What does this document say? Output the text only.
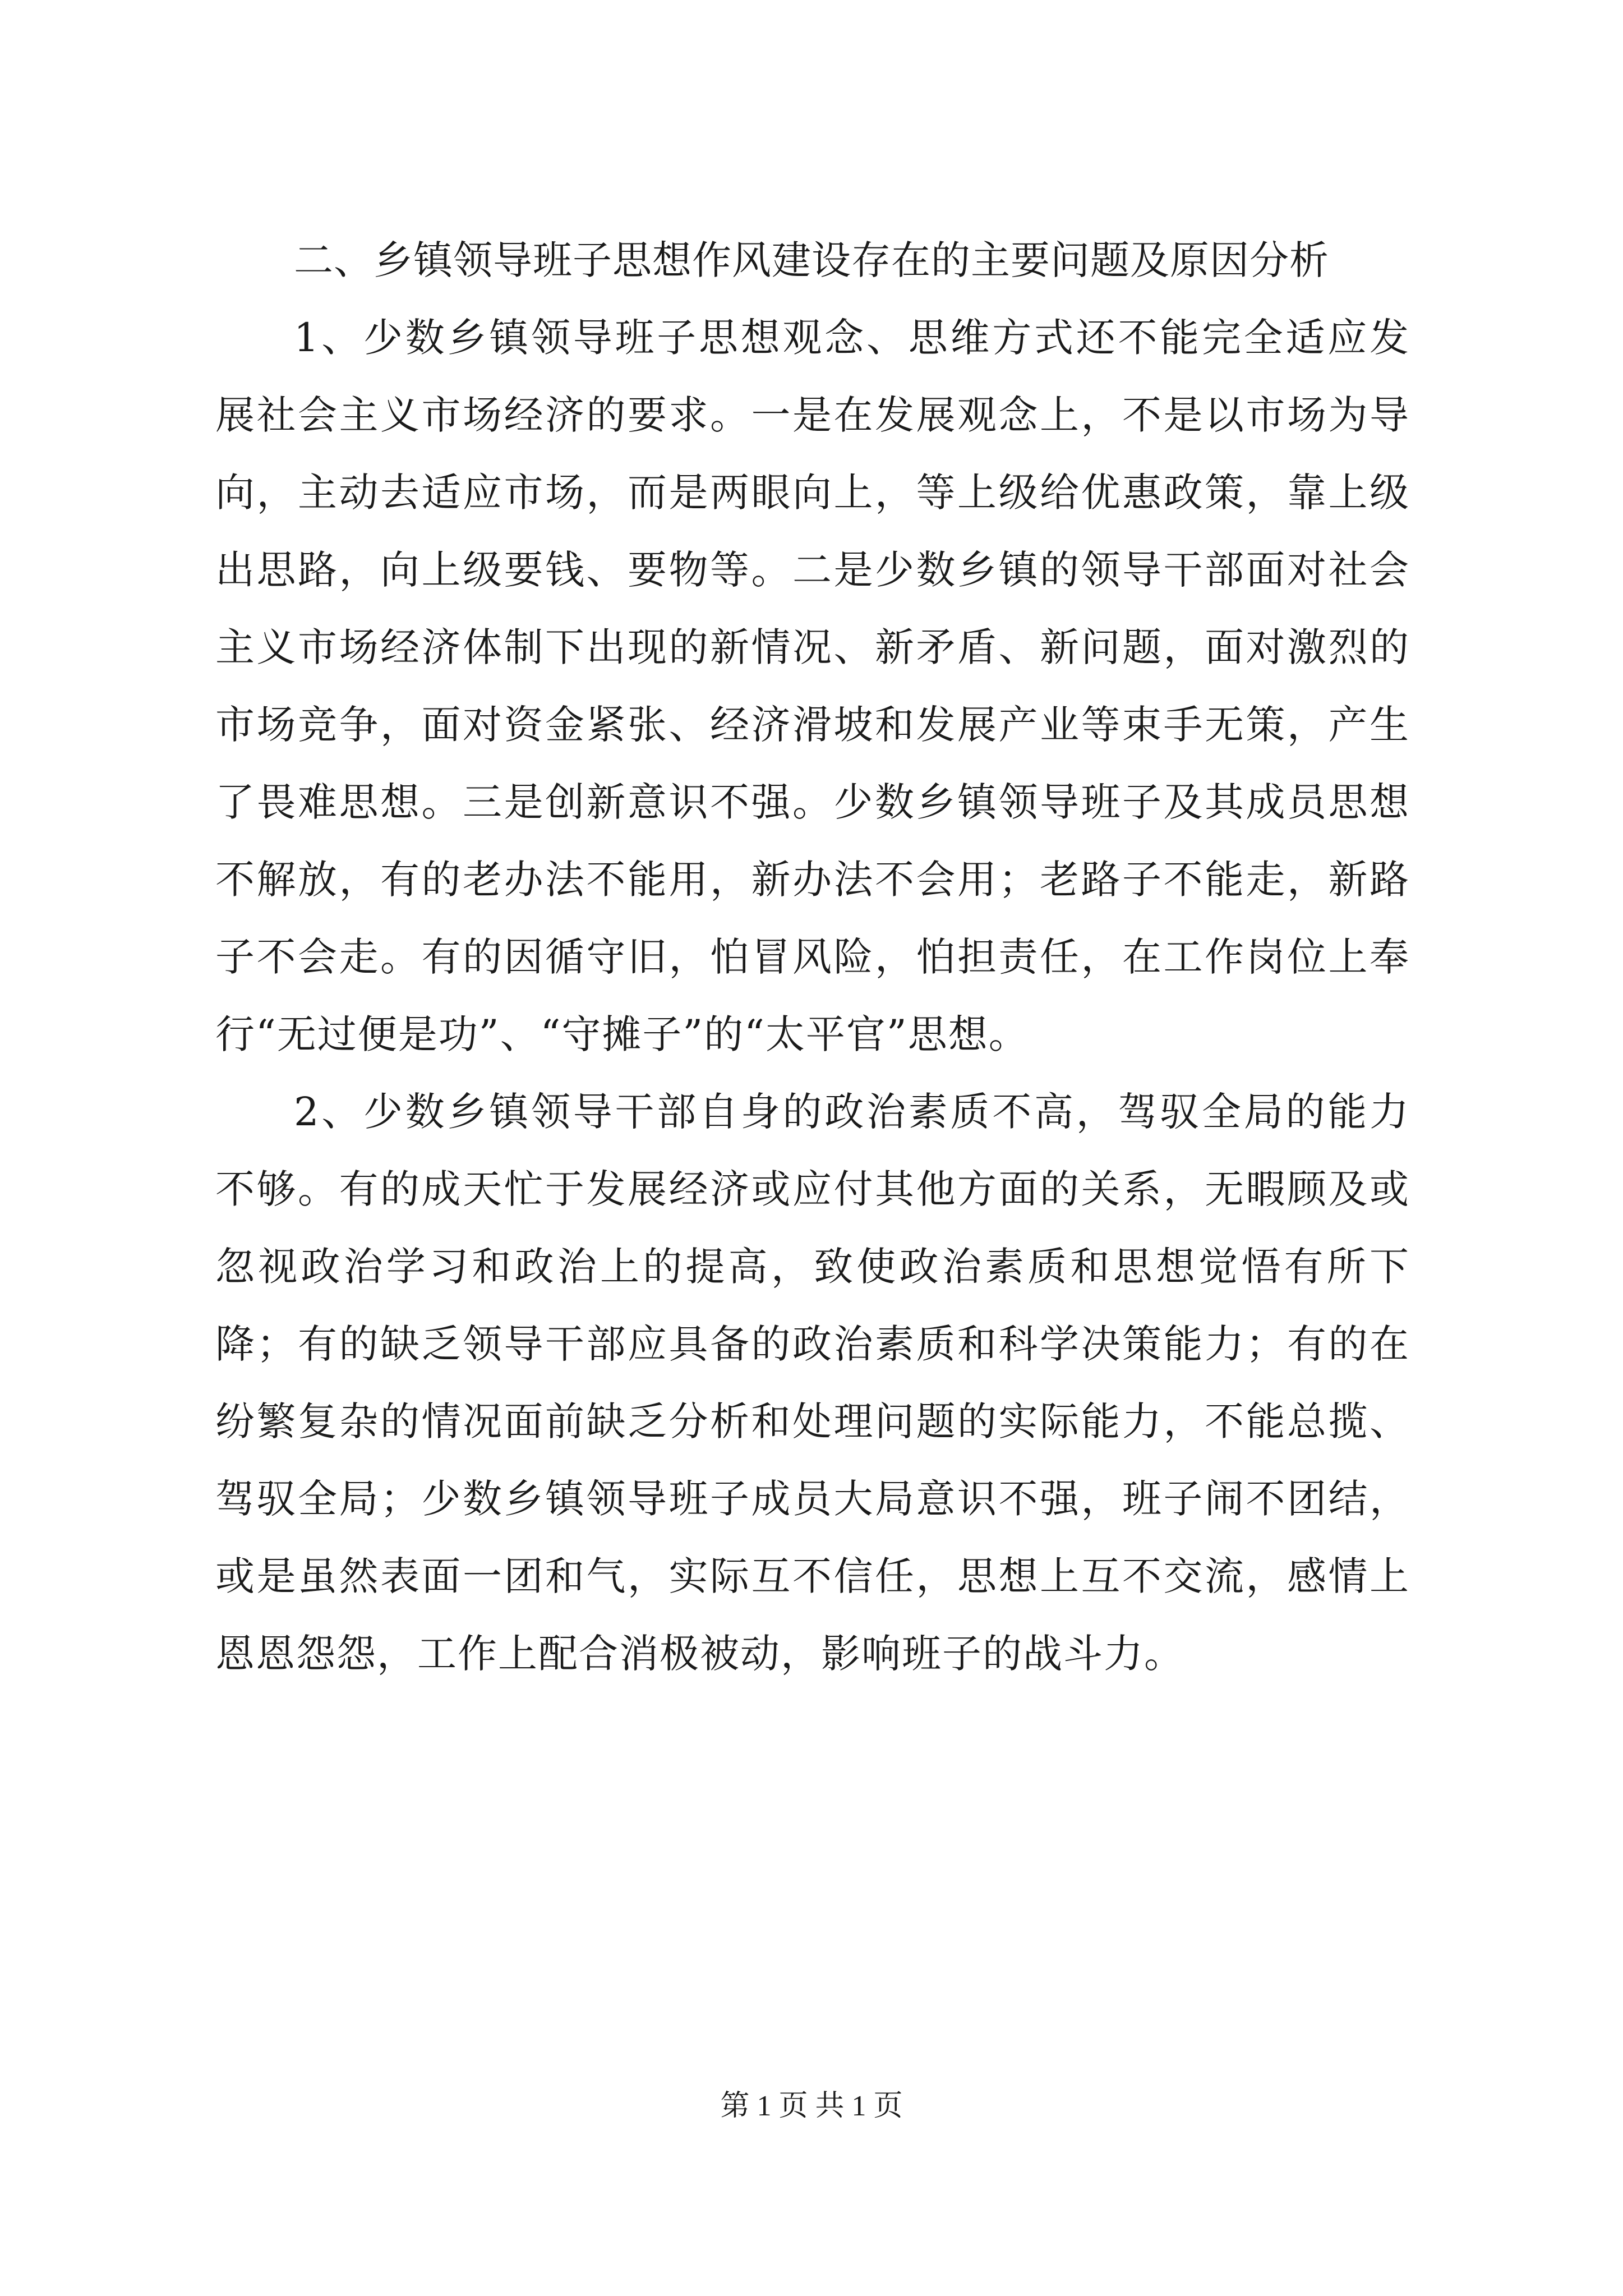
二、乡镇领导班子思想作风建设存在的主要问题及原因分析

1、少数乡镇领导班子思想观念、思维方式还不能完全适应发展社会主义市场经济的要求。一是在发展观念上，不是以市场为导向，主动去适应市场，而是两眼向上，等上级给优惠政策，靠上级出思路，向上级要钱、要物等。二是少数乡镇的领导干部面对社会主义市场经济体制下出现的新情况、新矛盾、新问题，面对激烈的市场竞争，面对资金紧张、经济滑坡和发展产业等束手无策，产生了畏难思想。三是创新意识不强。少数乡镇领导班子及其成员思想不解放，有的老办法不能用，新办法不会用；老路子不能走，新路子不会走。有的因循守旧，怕冒风险，怕担责任，在工作岗位上奉行“无过便是功”、“守摊子”的“太平官”思想。

2、少数乡镇领导干部自身的政治素质不高，驾驭全局的能力不够。有的成天忙于发展经济或应付其他方面的关系，无暇顾及或忽视政治学习和政治上的提高，致使政治素质和思想觉悟有所下降；有的缺乏领导干部应具备的政治素质和科学决策能力；有的在纷繁复杂的情况面前缺乏分析和处理问题的实际能力，不能总揽、驾驭全局；少数乡镇领导班子成员大局意识不强，班子闹不团结，或是虽然表面一团和气，实际互不信任，思想上互不交流，感情上恩恩怨怨，工作上配合消极被动，影响班子的战斗力。

第 1 页 共 1 页
